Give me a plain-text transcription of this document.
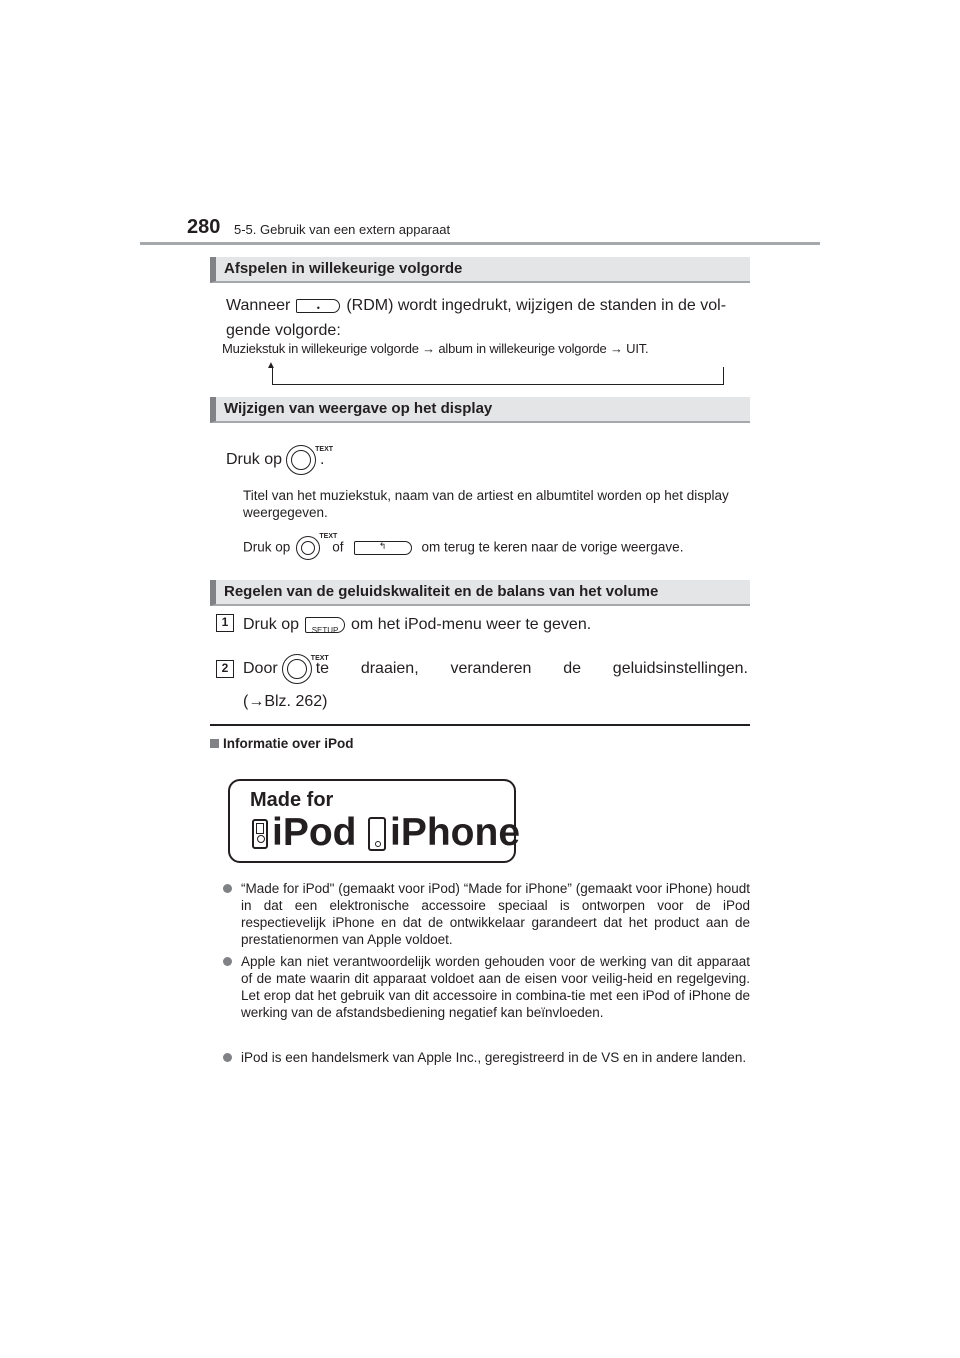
280 5-5. Gebruik van een extern apparaat
Afspelen in willekeurige volgorde
Wanneer	•	(RDM) wordt ingedrukt, wijzigen de standen in de vol-
gende volgorde:
Muziekstuk in willekeurige volgorde → album in willekeurige volgorde → UIT.
▲
Wijzigen van weergave op het display
Druk op
TEXT
.
Titel van het muziekstuk, naam van de artiest en albumtitel worden op het display weergegeven.
Druk op
TEXT
of	↰	om terug te keren naar de vorige weergave.
Regelen van de geluidskwaliteit en de balans van het volume
1 Druk op	SETUP om het iPod-menu weer te geven.
2 Door
TEXT
te draaien, veranderen de geluidsinstellingen.
(→Blz. 262)
Informatie over iPod
Made for
iPod iPhone
“Made for iPod" (gemaakt voor iPod) “Made for iPhone” (gemaakt voor iPhone) houdt in dat een elektronische accessoire speciaal is ontworpen voor de iPod respectievelijk iPhone en dat de ontwikkelaar garandeert dat het product aan de prestatienormen van Apple voldoet.
Apple kan niet verantwoordelijk worden gehouden voor de werking van dit apparaat of de mate waarin dit apparaat voldoet aan de eisen voor veilig-heid en regelgeving. Let erop dat het gebruik van dit accessoire in combina-tie met een iPod of iPhone de werking van de afstandsbediening negatief kan beïnvloeden.
iPod is een handelsmerk van Apple Inc., geregistreerd in de VS en in andere landen.
